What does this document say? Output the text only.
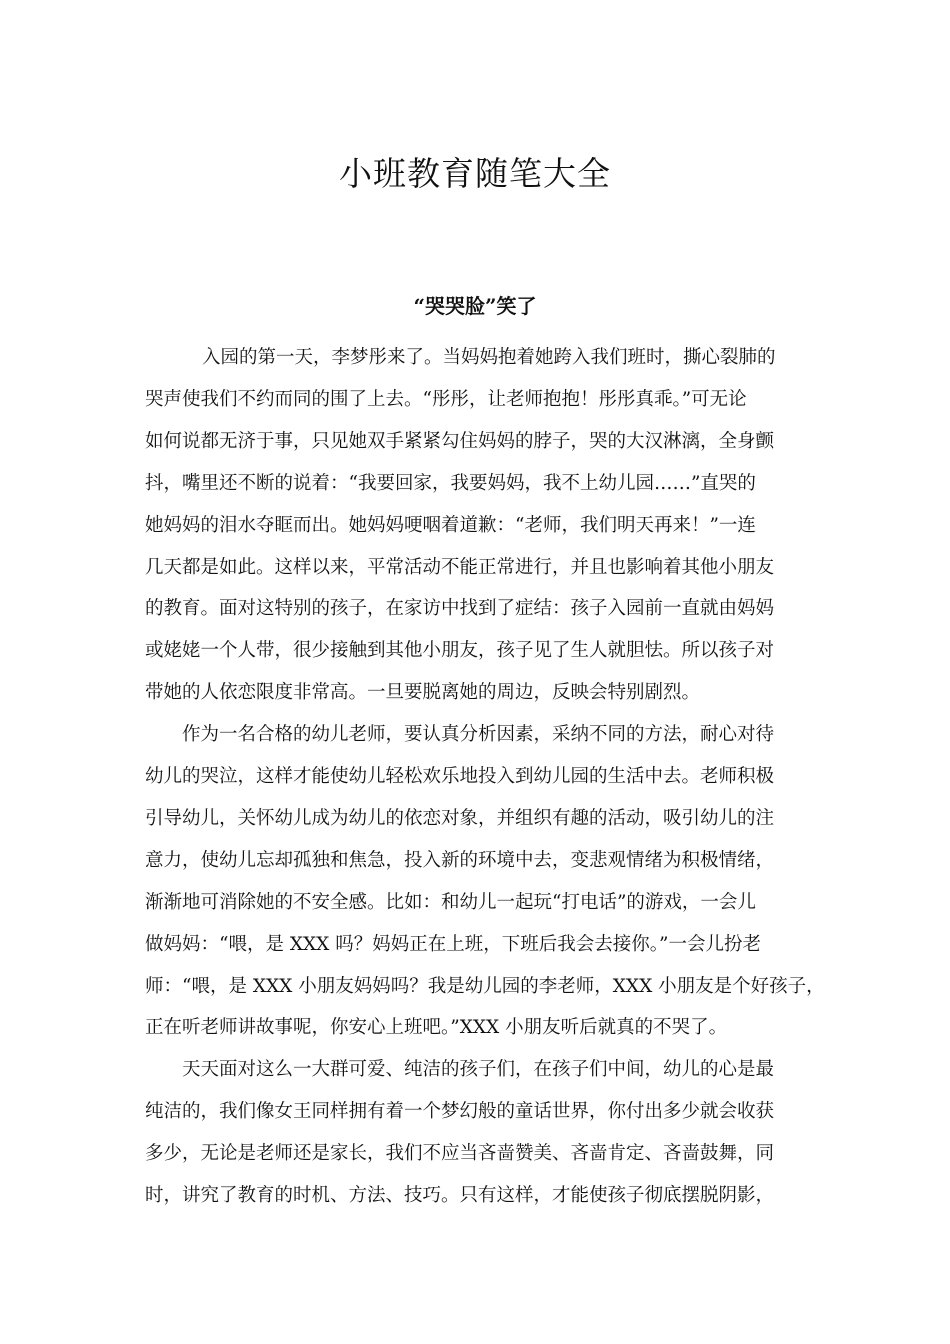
小班教育随笔大全
“哭哭脸”笑了
入园的第一天，李梦彤来了。当妈妈抱着她跨入我们班时，撕心裂肺的
哭声使我们不约而同的围了上去。“彤彤，让老师抱抱！彤彤真乖。”可无论
如何说都无济于事，只见她双手紧紧勾住妈妈的脖子，哭的大汉淋漓，全身颤
抖，嘴里还不断的说着：“我要回家，我要妈妈，我不上幼儿园……”直哭的
她妈妈的泪水夺眶而出。她妈妈哽咽着道歉：“老师，我们明天再来！”一连
几天都是如此。这样以来，平常活动不能正常进行，并且也影响着其他小朋友
的教育。面对这特别的孩子，在家访中找到了症结：孩子入园前一直就由妈妈
或姥姥一个人带，很少接触到其他小朋友，孩子见了生人就胆怯。所以孩子对
带她的人依恋限度非常高。一旦要脱离她的周边，反映会特别剧烈。
作为一名合格的幼儿老师，要认真分析因素，采纳不同的方法，耐心对待
幼儿的哭泣，这样才能使幼儿轻松欢乐地投入到幼儿园的生活中去。老师积极
引导幼儿，关怀幼儿成为幼儿的依恋对象，并组织有趣的活动，吸引幼儿的注
意力，使幼儿忘却孤独和焦急，投入新的环境中去，变悲观情绪为积极情绪，
渐渐地可消除她的不安全感。比如：和幼儿一起玩“打电话”的游戏，一会儿
做妈妈：“喂，是 XXX 吗？妈妈正在上班，下班后我会去接你。”一会儿扮老
师：“喂，是 XXX 小朋友妈妈吗？我是幼儿园的李老师，XXX 小朋友是个好孩子，
正在听老师讲故事呢，你安心上班吧。”XXX 小朋友听后就真的不哭了。
天天面对这么一大群可爱、纯洁的孩子们，在孩子们中间，幼儿的心是最
纯洁的，我们像女王同样拥有着一个梦幻般的童话世界，你付出多少就会收获
多少，无论是老师还是家长，我们不应当吝啬赞美、吝啬肯定、吝啬鼓舞，同
时，讲究了教育的时机、方法、技巧。只有这样，才能使孩子彻底摆脱阴影，
